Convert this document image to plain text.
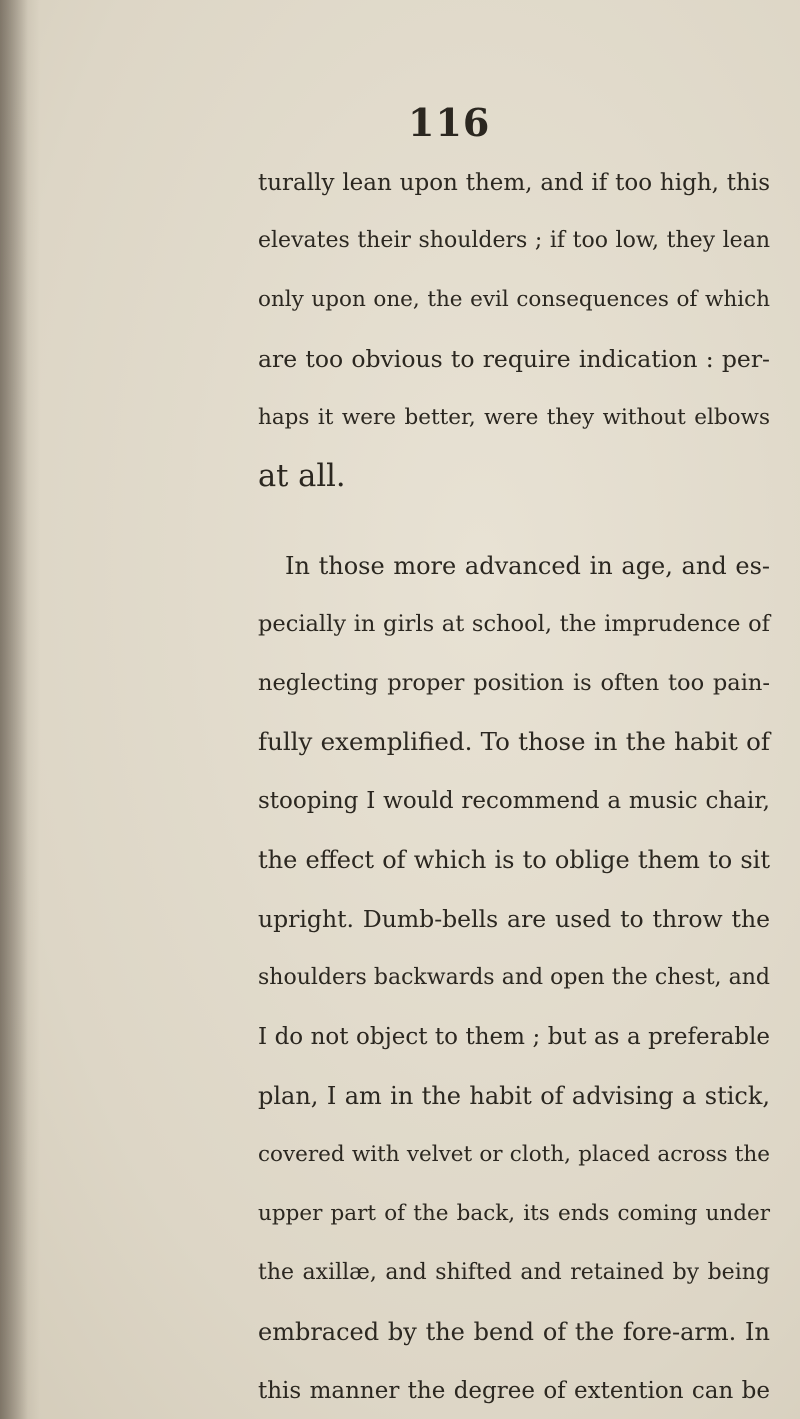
116
turally lean upon them, and if too high, this
elevates their shoulders ; if too low, they lean
only upon one, the evil consequences of which
are too obvious to require indication : per-
haps it were better, were they without elbows
at all.
In those more advanced in age, and es-
pecially in girls at school, the imprudence of
neglecting proper position is often too pain-
fully exemplified. To those in the habit of
stooping I would recommend a music chair,
the effect of which is to oblige them to sit
upright. Dumb-bells are used to throw the
shoulders backwards and open the chest, and
I do not object to them ; but as a preferable
plan, I am in the habit of advising a stick,
covered with velvet or cloth, placed across the
upper part of the back, its ends coming under
the axillæ, and shifted and retained by being
embraced by the bend of the fore-arm. In
this manner the degree of extention can be
